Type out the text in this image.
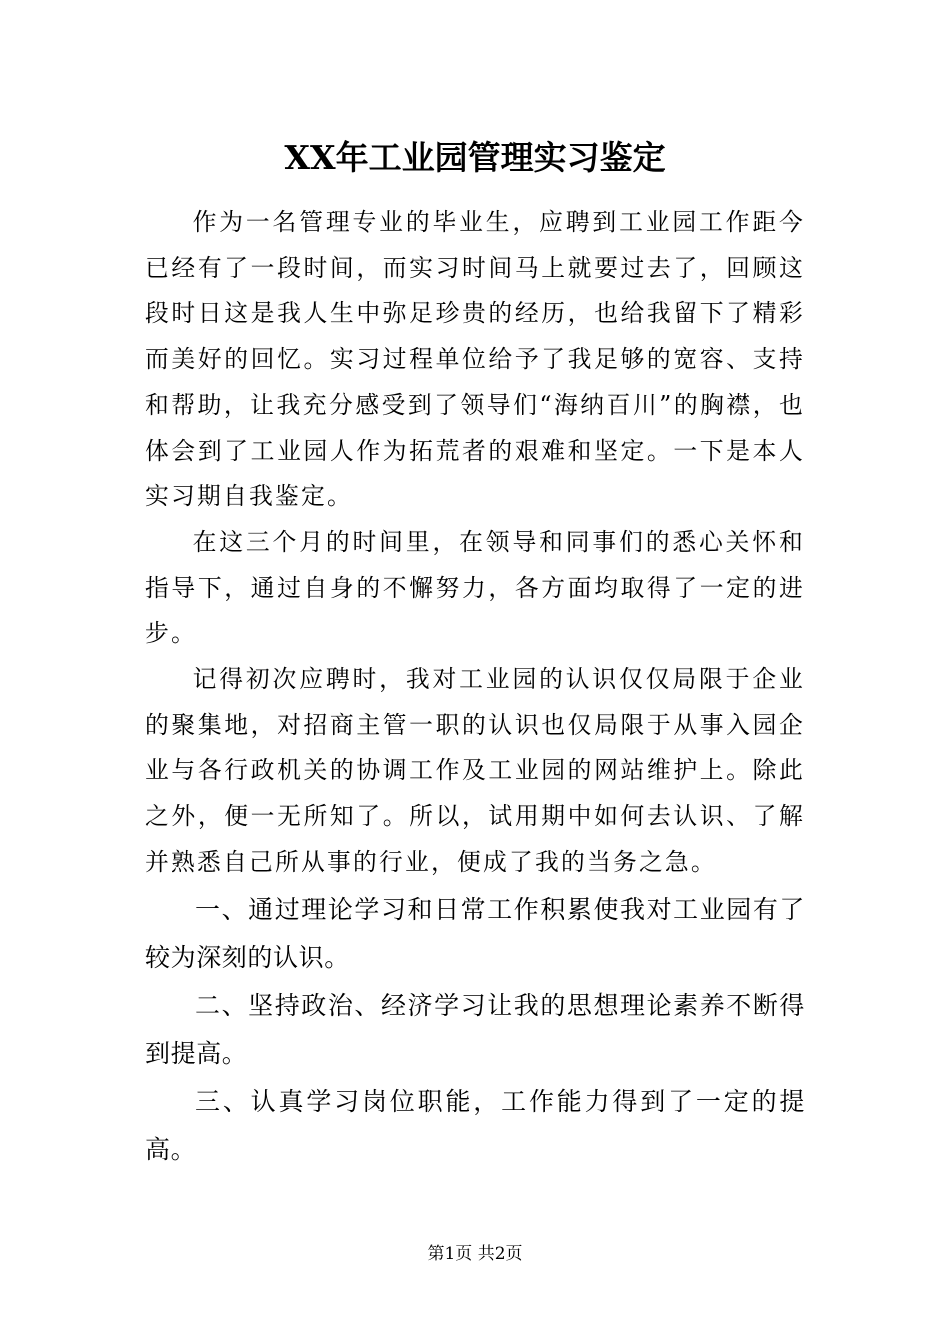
XX年工业园管理实习鉴定

作为一名管理专业的毕业生，应聘到工业园工作距今已经有了一段时间，而实习时间马上就要过去了，回顾这段时日这是我人生中弥足珍贵的经历，也给我留下了精彩而美好的回忆。实习过程单位给予了我足够的宽容、支持和帮助，让我充分感受到了领导们“海纳百川”的胸襟，也体会到了工业园人作为拓荒者的艰难和坚定。一下是本人实习期自我鉴定。

在这三个月的时间里，在领导和同事们的悉心关怀和指导下，通过自身的不懈努力，各方面均取得了一定的进步。

记得初次应聘时，我对工业园的认识仅仅局限于企业的聚集地，对招商主管一职的认识也仅局限于从事入园企业与各行政机关的协调工作及工业园的网站维护上。除此之外，便一无所知了。所以，试用期中如何去认识、了解并熟悉自己所从事的行业，便成了我的当务之急。

一、通过理论学习和日常工作积累使我对工业园有了较为深刻的认识。

二、坚持政治、经济学习让我的思想理论素养不断得到提高。

三、认真学习岗位职能，工作能力得到了一定的提高。

第1页 共2页
